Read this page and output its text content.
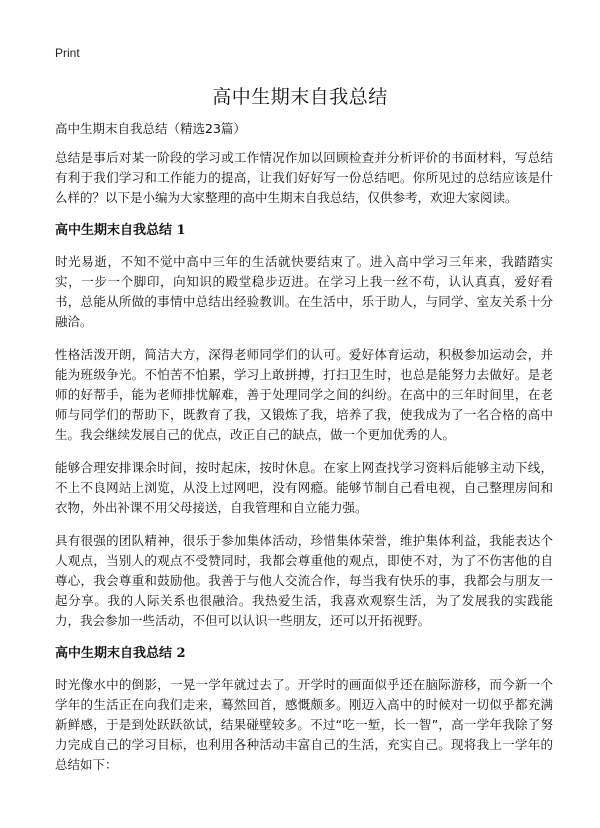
Print
高中生期末自我总结
高中生期末自我总结（精选23篇）

总结是事后对某一阶段的学习或工作情况作加以回顾检查并分析评价的书面材料，写总结有利于我们学习和工作能力的提高，让我们好好写一份总结吧。你所见过的总结应该是什么样的？以下是小编为大家整理的高中生期末自我总结，仅供参考，欢迎大家阅读。

高中生期末自我总结 1

时光易逝，不知不觉中高中三年的生活就快要结束了。进入高中学习三年来，我踏踏实实，一步一个脚印，向知识的殿堂稳步迈进。在学习上我一丝不苟，认认真真，爱好看书，总能从所做的事情中总结出经验教训。在生活中，乐于助人，与同学、室友关系十分融洽。

性格活泼开朗，简洁大方，深得老师同学们的认可。爱好体育运动，积极参加运动会，并能为班级争光。不怕苦不怕累，学习上敢拼搏，打扫卫生时，也总是能努力去做好。是老师的好帮手，能为老师排忧解难，善于处理同学之间的纠纷。在高中的三年时间里，在老师与同学们的帮助下，既教育了我，又锻炼了我，培养了我，使我成为了一名合格的高中生。我会继续发展自己的优点，改正自己的缺点，做一个更加优秀的人。

能够合理安排课余时间，按时起床，按时休息。在家上网查找学习资料后能够主动下线，不上不良网站上浏览，从没上过网吧，没有网瘾。能够节制自己看电视，自己整理房间和衣物，外出补课不用父母接送，自我管理和自立能力强。

具有很强的团队精神，很乐于参加集体活动，珍惜集体荣誉，维护集体利益，我能表达个人观点，当别人的观点不受赞同时，我都会尊重他的观点，即使不对，为了不伤害他的自尊心，我会尊重和鼓励他。我善于与他人交流合作，每当我有快乐的事，我都会与朋友一起分享。我的人际关系也很融洽。我热爱生活，我喜欢观察生活，为了发展我的实践能力，我会参加一些活动，不但可以认识一些朋友，还可以开拓视野。

高中生期末自我总结 2

时光像水中的倒影，一晃一学年就过去了。开学时的画面似乎还在脑际游移，而今新一个学年的生活正在向我们走来，蓦然回首，感慨颇多。刚迈入高中的时候对一切似乎都充满新鲜感，于是到处跃跃欲试，结果碰壁较多。不过“吃一堑，长一智”，高一学年我除了努力完成自己的学习目标，也利用各种活动丰富自己的生活，充实自己。现将我上一学年的总结如下：
